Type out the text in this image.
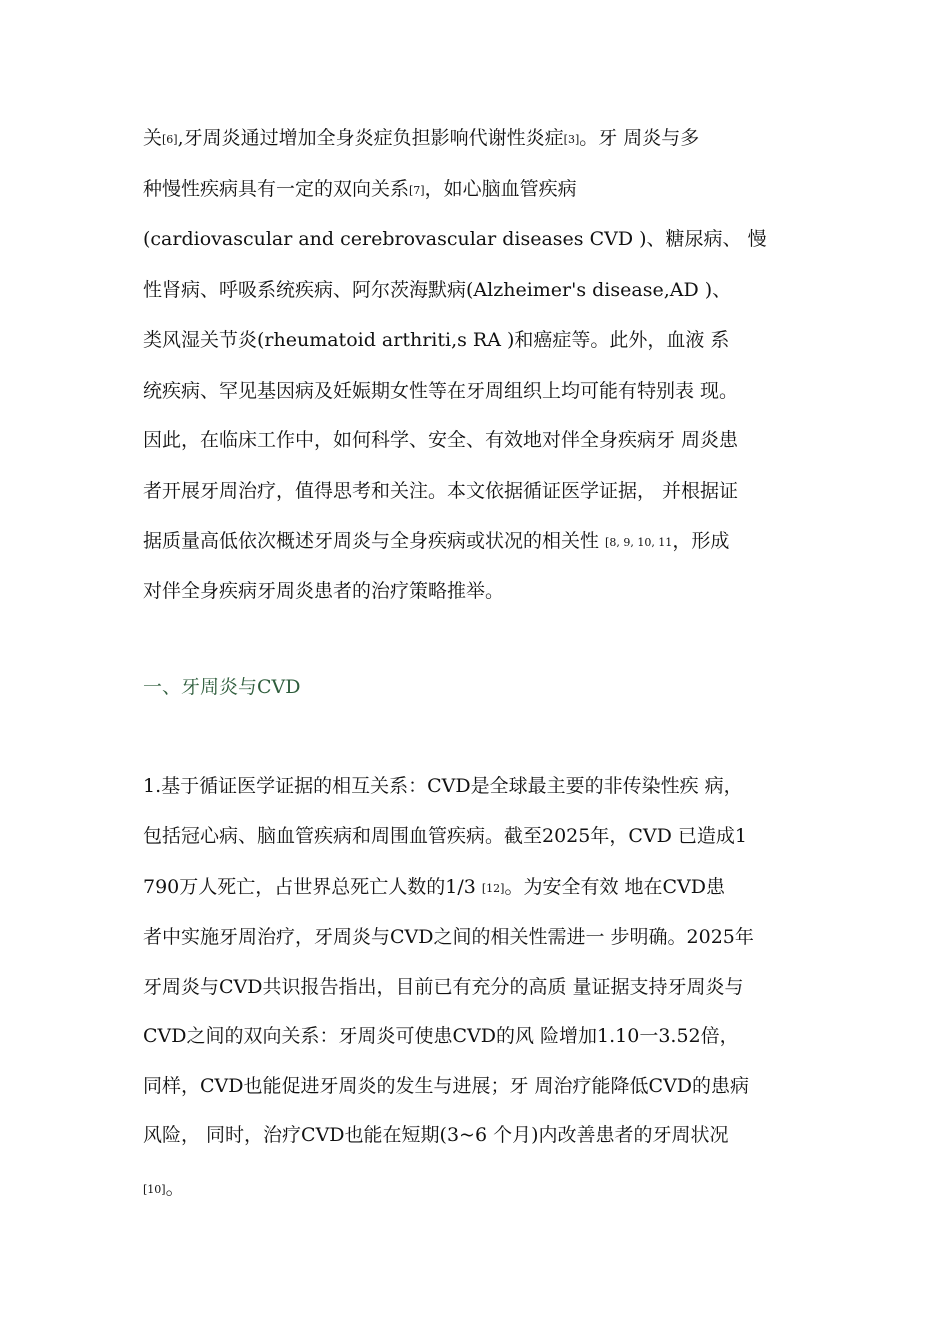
关[6],牙周炎通过增加全身炎症负担影响代谢性炎症[3]。牙 周炎与多
种慢性疾病具有一定的双向关系[7]，如心脑血管疾病
(cardiovascular and cerebrovascular diseases CVD )、糖尿病、 慢
性肾病、呼吸系统疾病、阿尔茨海默病(Alzheimer's disease,AD )、
类风湿关节炎(rheumatoid arthriti,s RA )和癌症等。此外，血液 系
统疾病、罕见基因病及妊娠期女性等在牙周组织上均可能有特别表 现。
因此，在临床工作中，如何科学、安全、有效地对伴全身疾病牙 周炎患
者开展牙周治疗，值得思考和关注。本文依据循证医学证据， 并根据证
据质量高低依次概述牙周炎与全身疾病或状况的相关性 [8, 9, 10, 11，形成
对伴全身疾病牙周炎患者的治疗策略推举。
一、牙周炎与CVD
1.基于循证医学证据的相互关系：CVD是全球最主要的非传染性疾 病，
包括冠心病、脑血管疾病和周围血管疾病。截至2025年，CVD 已造成1
790万人死亡，占世界总死亡人数的1/3 [12]。为安全有效 地在CVD患
者中实施牙周治疗，牙周炎与CVD之间的相关性需进一 步明确。2025年
牙周炎与CVD共识报告指出，目前已有充分的高质 量证据支持牙周炎与
CVD之间的双向关系：牙周炎可使患CVD的风 险增加1.10一3.52倍，
同样，CVD也能促进牙周炎的发生与进展；牙 周治疗能降低CVD的患病
风险， 同时，治疗CVD也能在短期(3~6 个月)内改善患者的牙周状况
[10]。
